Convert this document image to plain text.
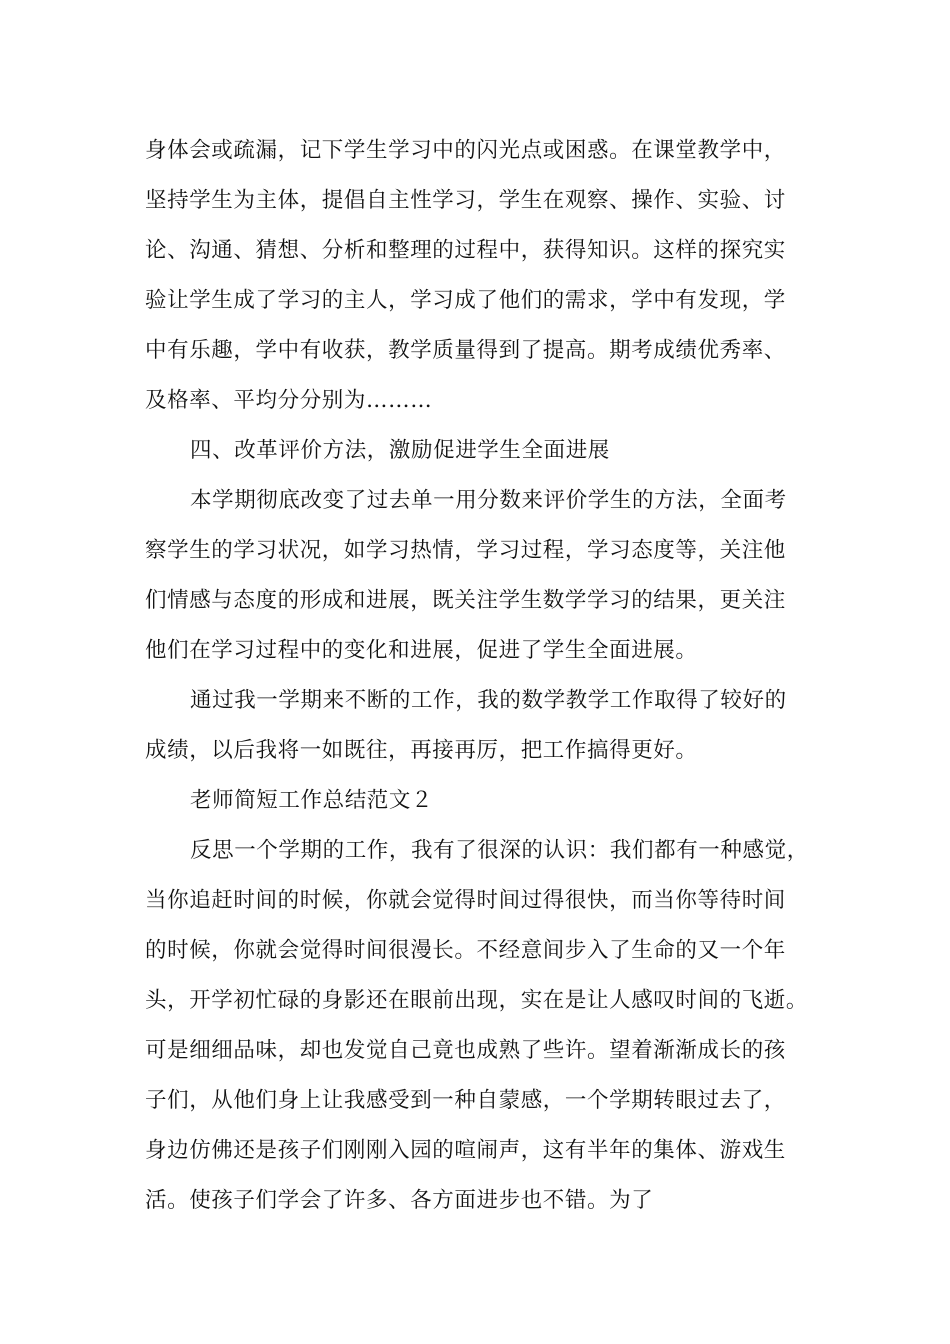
身体会或疏漏，记下学生学习中的闪光点或困惑。在课堂教学中，
坚持学生为主体，提倡自主性学习，学生在观察、操作、实验、讨
论、沟通、猜想、分析和整理的过程中，获得知识。这样的探究实
验让学生成了学习的主人，学习成了他们的需求，学中有发现，学
中有乐趣，学中有收获，教学质量得到了提高。期考成绩优秀率、
及格率、平均分分别为………
四、改革评价方法，激励促进学生全面进展
本学期彻底改变了过去单一用分数来评价学生的方法，全面考
察学生的学习状况，如学习热情，学习过程，学习态度等，关注他
们情感与态度的形成和进展，既关注学生数学学习的结果，更关注
他们在学习过程中的变化和进展，促进了学生全面进展。
通过我一学期来不断的工作，我的数学教学工作取得了较好的
成绩，以后我将一如既往，再接再厉，把工作搞得更好。
老师简短工作总结范文２
反思一个学期的工作，我有了很深的认识：我们都有一种感觉，
当你追赶时间的时候，你就会觉得时间过得很快，而当你等待时间
的时候，你就会觉得时间很漫长。不经意间步入了生命的又一个年
头，开学初忙碌的身影还在眼前出现，实在是让人感叹时间的飞逝。
可是细细品味，却也发觉自己竟也成熟了些许。望着渐渐成长的孩
子们，从他们身上让我感受到一种自蒙感，一个学期转眼过去了，
身边仿佛还是孩子们刚刚入园的喧闹声，这有半年的集体、游戏生
活。使孩子们学会了许多、各方面进步也不错。为了
